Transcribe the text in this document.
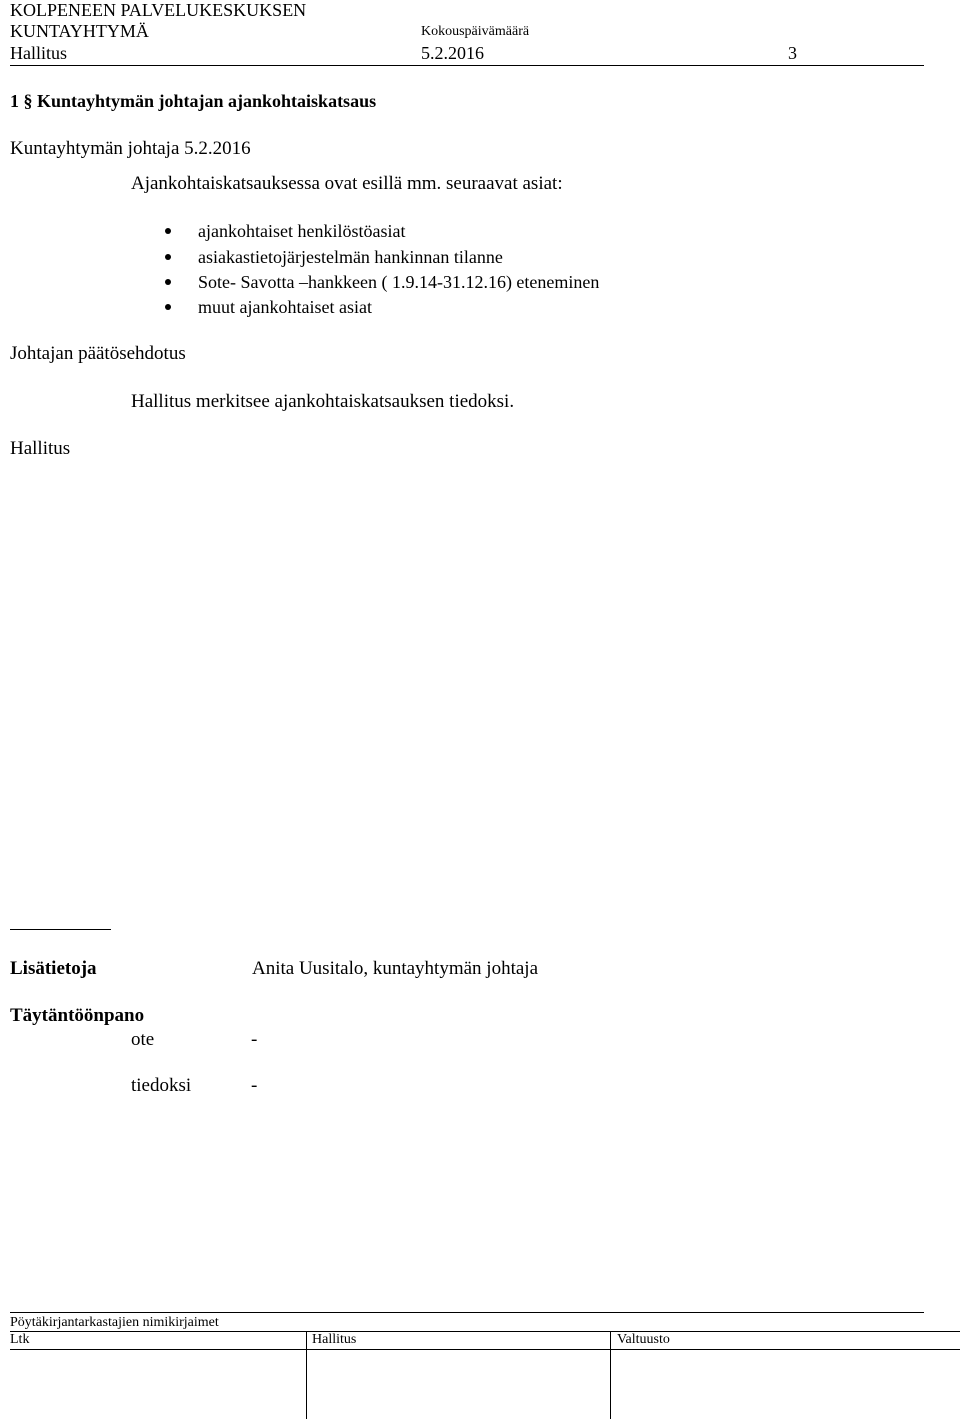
KOLPENEEN PALVELUKESKUKSEN
KUNTAYHTYMÄ	Kokouspäivämäärä
Hallitus	5.2.2016	3
1 § Kuntayhtymän johtajan ajankohtaiskatsaus
Kuntayhtymän johtaja 5.2.2016
Ajankohtaiskatsauksessa ovat esillä mm. seuraavat asiat:
ajankohtaiset henkilöstöasiat
asiakastietojärjestelmän hankinnan tilanne
Sote- Savotta –hankkeen ( 1.9.14-31.12.16) eteneminen
muut ajankohtaiset asiat
Johtajan päätösehdotus
Hallitus merkitsee ajankohtaiskatsauksen tiedoksi.
Hallitus
Lisätietoja	Anita Uusitalo, kuntayhtymän johtaja
Täytäntöönpano
ote	-
tiedoksi	-
Pöytäkirjantarkastajien nimikirjaimet
Ltk	Hallitus	Valtuusto
